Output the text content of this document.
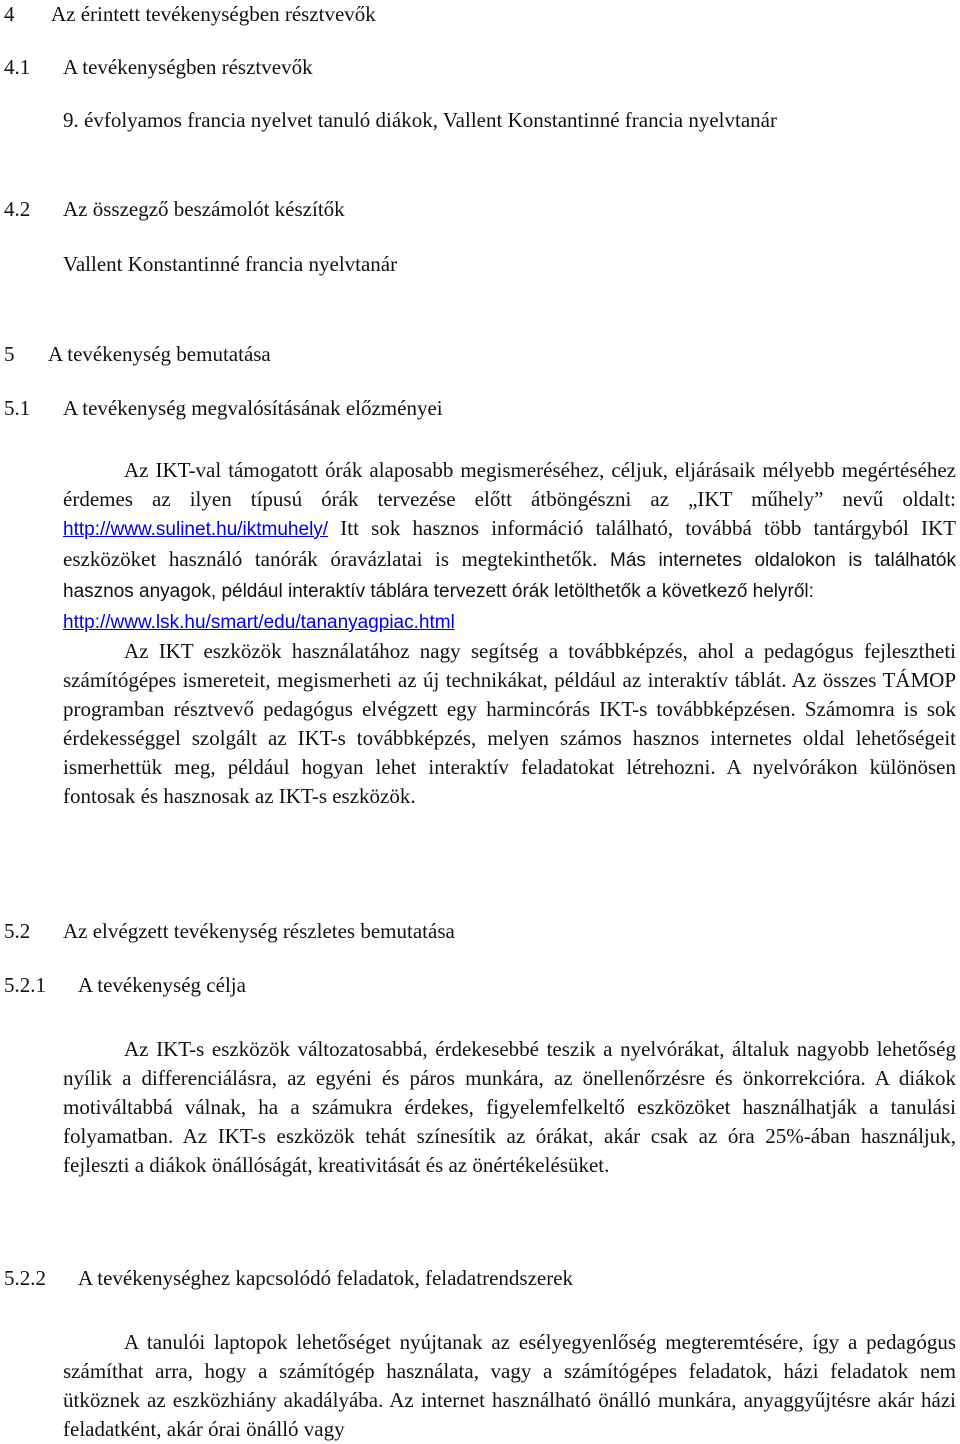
4 Az érintett tevékenységben résztvevők
4.1 A tevékenységben résztvevők
9. évfolyamos francia nyelvet tanuló diákok, Vallent Konstantinné francia nyelvtanár
4.2 Az összegző beszámolót készítők
Vallent Konstantinné francia nyelvtanár
5 A tevékenység bemutatása
5.1 A tevékenység megvalósításának előzményei

Az IKT-val támogatott órák alaposabb megismeréséhez, céljuk, eljárásaik mélyebb megértéséhez érdemes az ilyen típusú órák tervezése előtt átböngészni az „IKT műhely” nevű oldalt: http://www.sulinet.hu/iktmuhely/ Itt sok hasznos információ található, továbbá több tantárgyból IKT eszközöket használó tanórák óravázlatai is megtekinthetők. Más internetes oldalokon is találhatók hasznos anyagok, például interaktív táblára tervezett órák letölthetők a következő helyről:

http://www.lsk.hu/smart/edu/tananyagpiac.html

Az IKT eszközök használatához nagy segítség a továbbképzés, ahol a pedagógus fejlesztheti számítógépes ismereteit, megismerheti az új technikákat, például az interaktív táblát. Az összes TÁMOP programban résztvevő pedagógus elvégzett egy harmincórás IKT-s továbbképzésen. Számomra is sok érdekességgel szolgált az IKT-s továbbképzés, melyen számos hasznos internetes oldal lehetőségeit ismerhettük meg, például hogyan lehet interaktív feladatokat létrehozni. A nyelvórákon különösen fontosak és hasznosak az IKT-s eszközök.

5.2 Az elvégzett tevékenység részletes bemutatása
5.2.1 A tevékenység célja

Az IKT-s eszközök változatosabbá, érdekesebbé teszik a nyelvórákat, általuk nagyobb lehetőség nyílik a differenciálásra, az egyéni és páros munkára, az önellenőrzésre és önkorrekcióra. A diákok motiváltabbá válnak, ha a számukra érdekes, figyelemfelkeltő eszközöket használhatják a tanulási folyamatban. Az IKT-s eszközök tehát színesítik az órákat, akár csak az óra 25%-ában használjuk, fejleszti a diákok önállóságát, kreativitását és az önértékelésüket.

5.2.2 A tevékenységhez kapcsolódó feladatok, feladatrendszerek

A tanulói laptopok lehetőséget nyújtanak az esélyegyenlőség megteremtésére, így a pedagógus számíthat arra, hogy a számítógép használata, vagy a számítógépes feladatok, házi feladatok nem ütköznek az eszközhiány akadályába. Az internet használható önálló munkára, anyaggyűjtésre akár házi feladatként, akár órai önálló vagy
